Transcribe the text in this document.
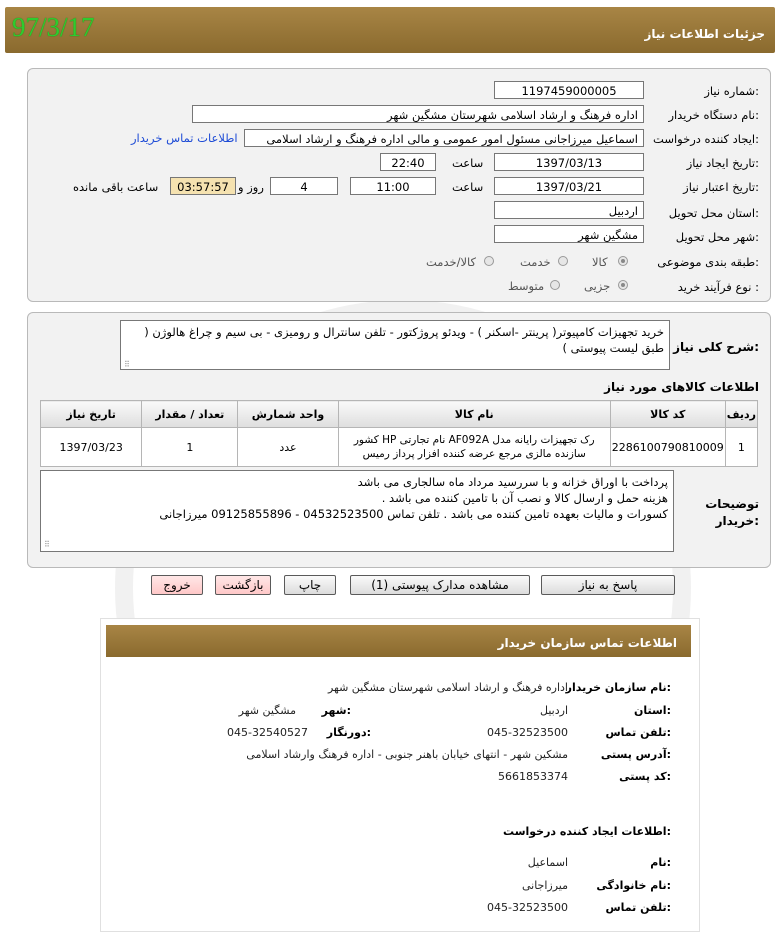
جزئیات اطلاعات نیاز
97/3/17
شماره نیاز:
1197459000005
نام دستگاه خریدار:
اداره فرهنگ و ارشاد اسلامی شهرستان مشگین شهر
ایجاد کننده درخواست:
اسماعیل میرزاجانی مسئول امور عمومی و مالی اداره فرهنگ و ارشاد اسلامی
اطلاعات تماس خریدار
تاریخ ایجاد نیاز:
1397/03/13
ساعت
22:40
تاریخ اعتبار نیاز:
1397/03/21
ساعت
11:00
4
روز و
03:57:57
ساعت باقی مانده
استان محل تحویل:
اردبیل
شهر محل تحویل:
مشگین شهر
طبقه بندی موضوعی:
کالا
خدمت
کالا/خدمت
نوع فرآیند خرید :
جزیی
متوسط
شرح کلی نیاز:
خرید تجهیزات کامپیوتر( پرینتر -اسکنر ) - ویدئو پروژکتور - تلفن سانترال و رومیزی - بی سیم و چراغ هالوژن ( طبق لیست پیوستی )
⠿
اطلاعات کالاهای مورد نیاز
ردیف	کد کالا	نام کالا	واحد شمارش	تعداد / مقدار	تاریخ نیاز
1	2286100790810009	رک تجهیزات رایانه مدل AF092A نام تجارتی HP کشور سازنده مالزی مرجع عرضه کننده افزار پرداز رمیس	عدد	1	1397/03/23
توضیحات خریدار:
پرداخت با اوراق خزانه و با سررسید مرداد ماه سالجاری می باشد
هزینه حمل و ارسال کالا و نصب آن با تامین کننده می باشد .
کسورات و مالیات بعهده تامین کننده می باشد . تلفن تماس 04532523500 - 09125855896 میرزاجانی
⠿
پاسخ به نیاز
مشاهده مدارک پیوستی (1)
چاپ
بازگشت
خروج
اطلاعات تماس سازمان خریدار
نام سازمان خریدار:
اداره فرهنگ و ارشاد اسلامی شهرستان مشگین شهر
استان:
اردبیل
شهر:
مشگین شهر
تلفن تماس:
045-32523500
دورنگار:
045-32540527
آدرس پستی:
مشکین شهر - انتهای خیابان باهنر جنوبی - اداره فرهنگ وارشاد اسلامی
کد پستی:
5661853374
اطلاعات ایجاد کننده درخواست:
نام:
اسماعیل
نام خانوادگی:
میرزاجانی
تلفن تماس:
045-32523500
